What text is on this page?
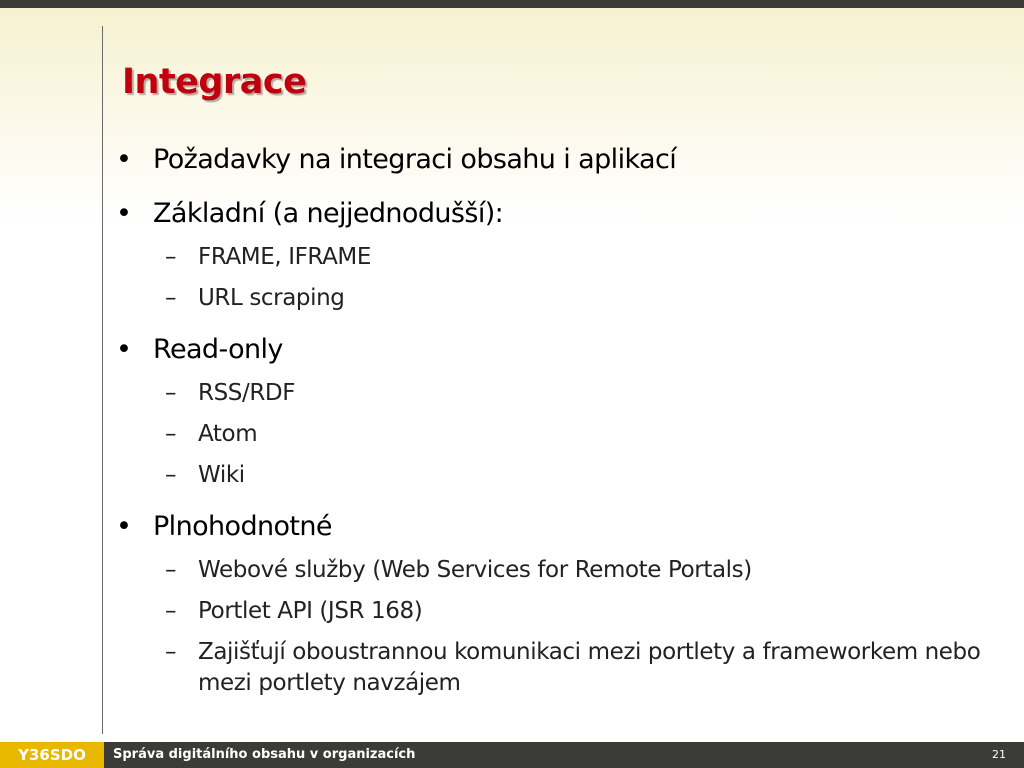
Integrace
• Požadavky na integraci obsahu i aplikací
• Základní (a nejjednodušší):
– FRAME, IFRAME
– URL scraping
• Read-only
– RSS/RDF
– Atom
– Wiki
• Plnohodnotné
– Webové služby (Web Services for Remote Portals)
– Portlet API (JSR 168)
– Zajišťují oboustrannou komunikaci mezi portlety a frameworkem nebo mezi portlety navzájem
Y36SDO	Správa digitálního obsahu v organizacích	21
